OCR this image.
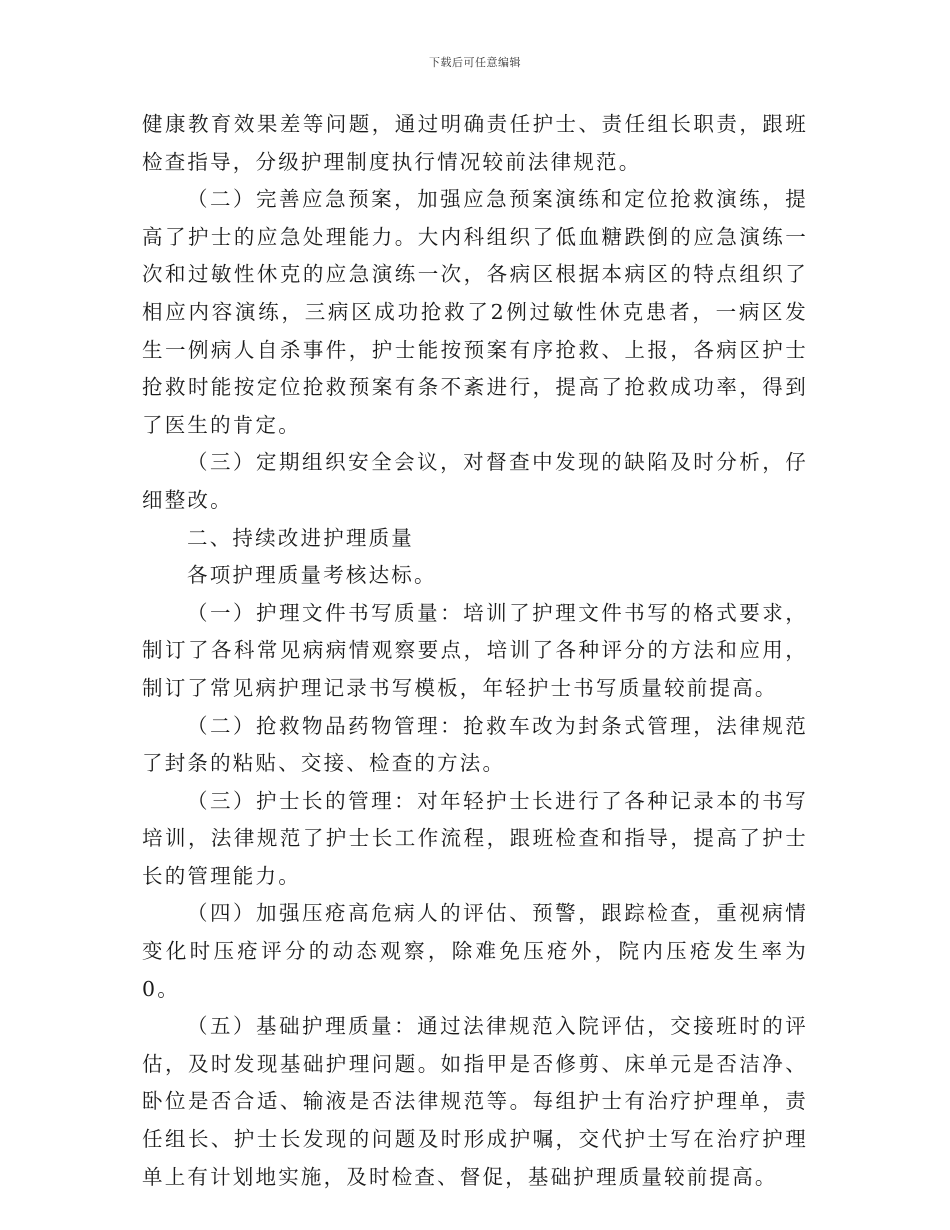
下载后可任意编辑

健康教育效果差等问题，通过明确责任护士、责任组长职责，跟班检查指导，分级护理制度执行情况较前法律规范。

（二）完善应急预案，加强应急预案演练和定位抢救演练，提高了护士的应急处理能力。大内科组织了低血糖跌倒的应急演练一次和过敏性休克的应急演练一次，各病区根据本病区的特点组织了相应内容演练，三病区成功抢救了2例过敏性休克患者，一病区发生一例病人自杀事件，护士能按预案有序抢救、上报，各病区护士抢救时能按定位抢救预案有条不紊进行，提高了抢救成功率，得到了医生的肯定。

（三）定期组织安全会议，对督查中发现的缺陷及时分析，仔细整改。

二、持续改进护理质量

各项护理质量考核达标。

（一）护理文件书写质量：培训了护理文件书写的格式要求，制订了各科常见病病情观察要点，培训了各种评分的方法和应用，制订了常见病护理记录书写模板，年轻护士书写质量较前提高。

（二）抢救物品药物管理：抢救车改为封条式管理，法律规范了封条的粘贴、交接、检查的方法。

（三）护士长的管理：对年轻护士长进行了各种记录本的书写培训，法律规范了护士长工作流程，跟班检查和指导，提高了护士长的管理能力。

（四）加强压疮高危病人的评估、预警，跟踪检查，重视病情变化时压疮评分的动态观察，除难免压疮外，院内压疮发生率为0。

（五）基础护理质量：通过法律规范入院评估，交接班时的评估，及时发现基础护理问题。如指甲是否修剪、床单元是否洁净、卧位是否合适、输液是否法律规范等。每组护士有治疗护理单，责任组长、护士长发现的问题及时形成护嘱，交代护士写在治疗护理单上有计划地实施，及时检查、督促，基础护理质量较前提高。
